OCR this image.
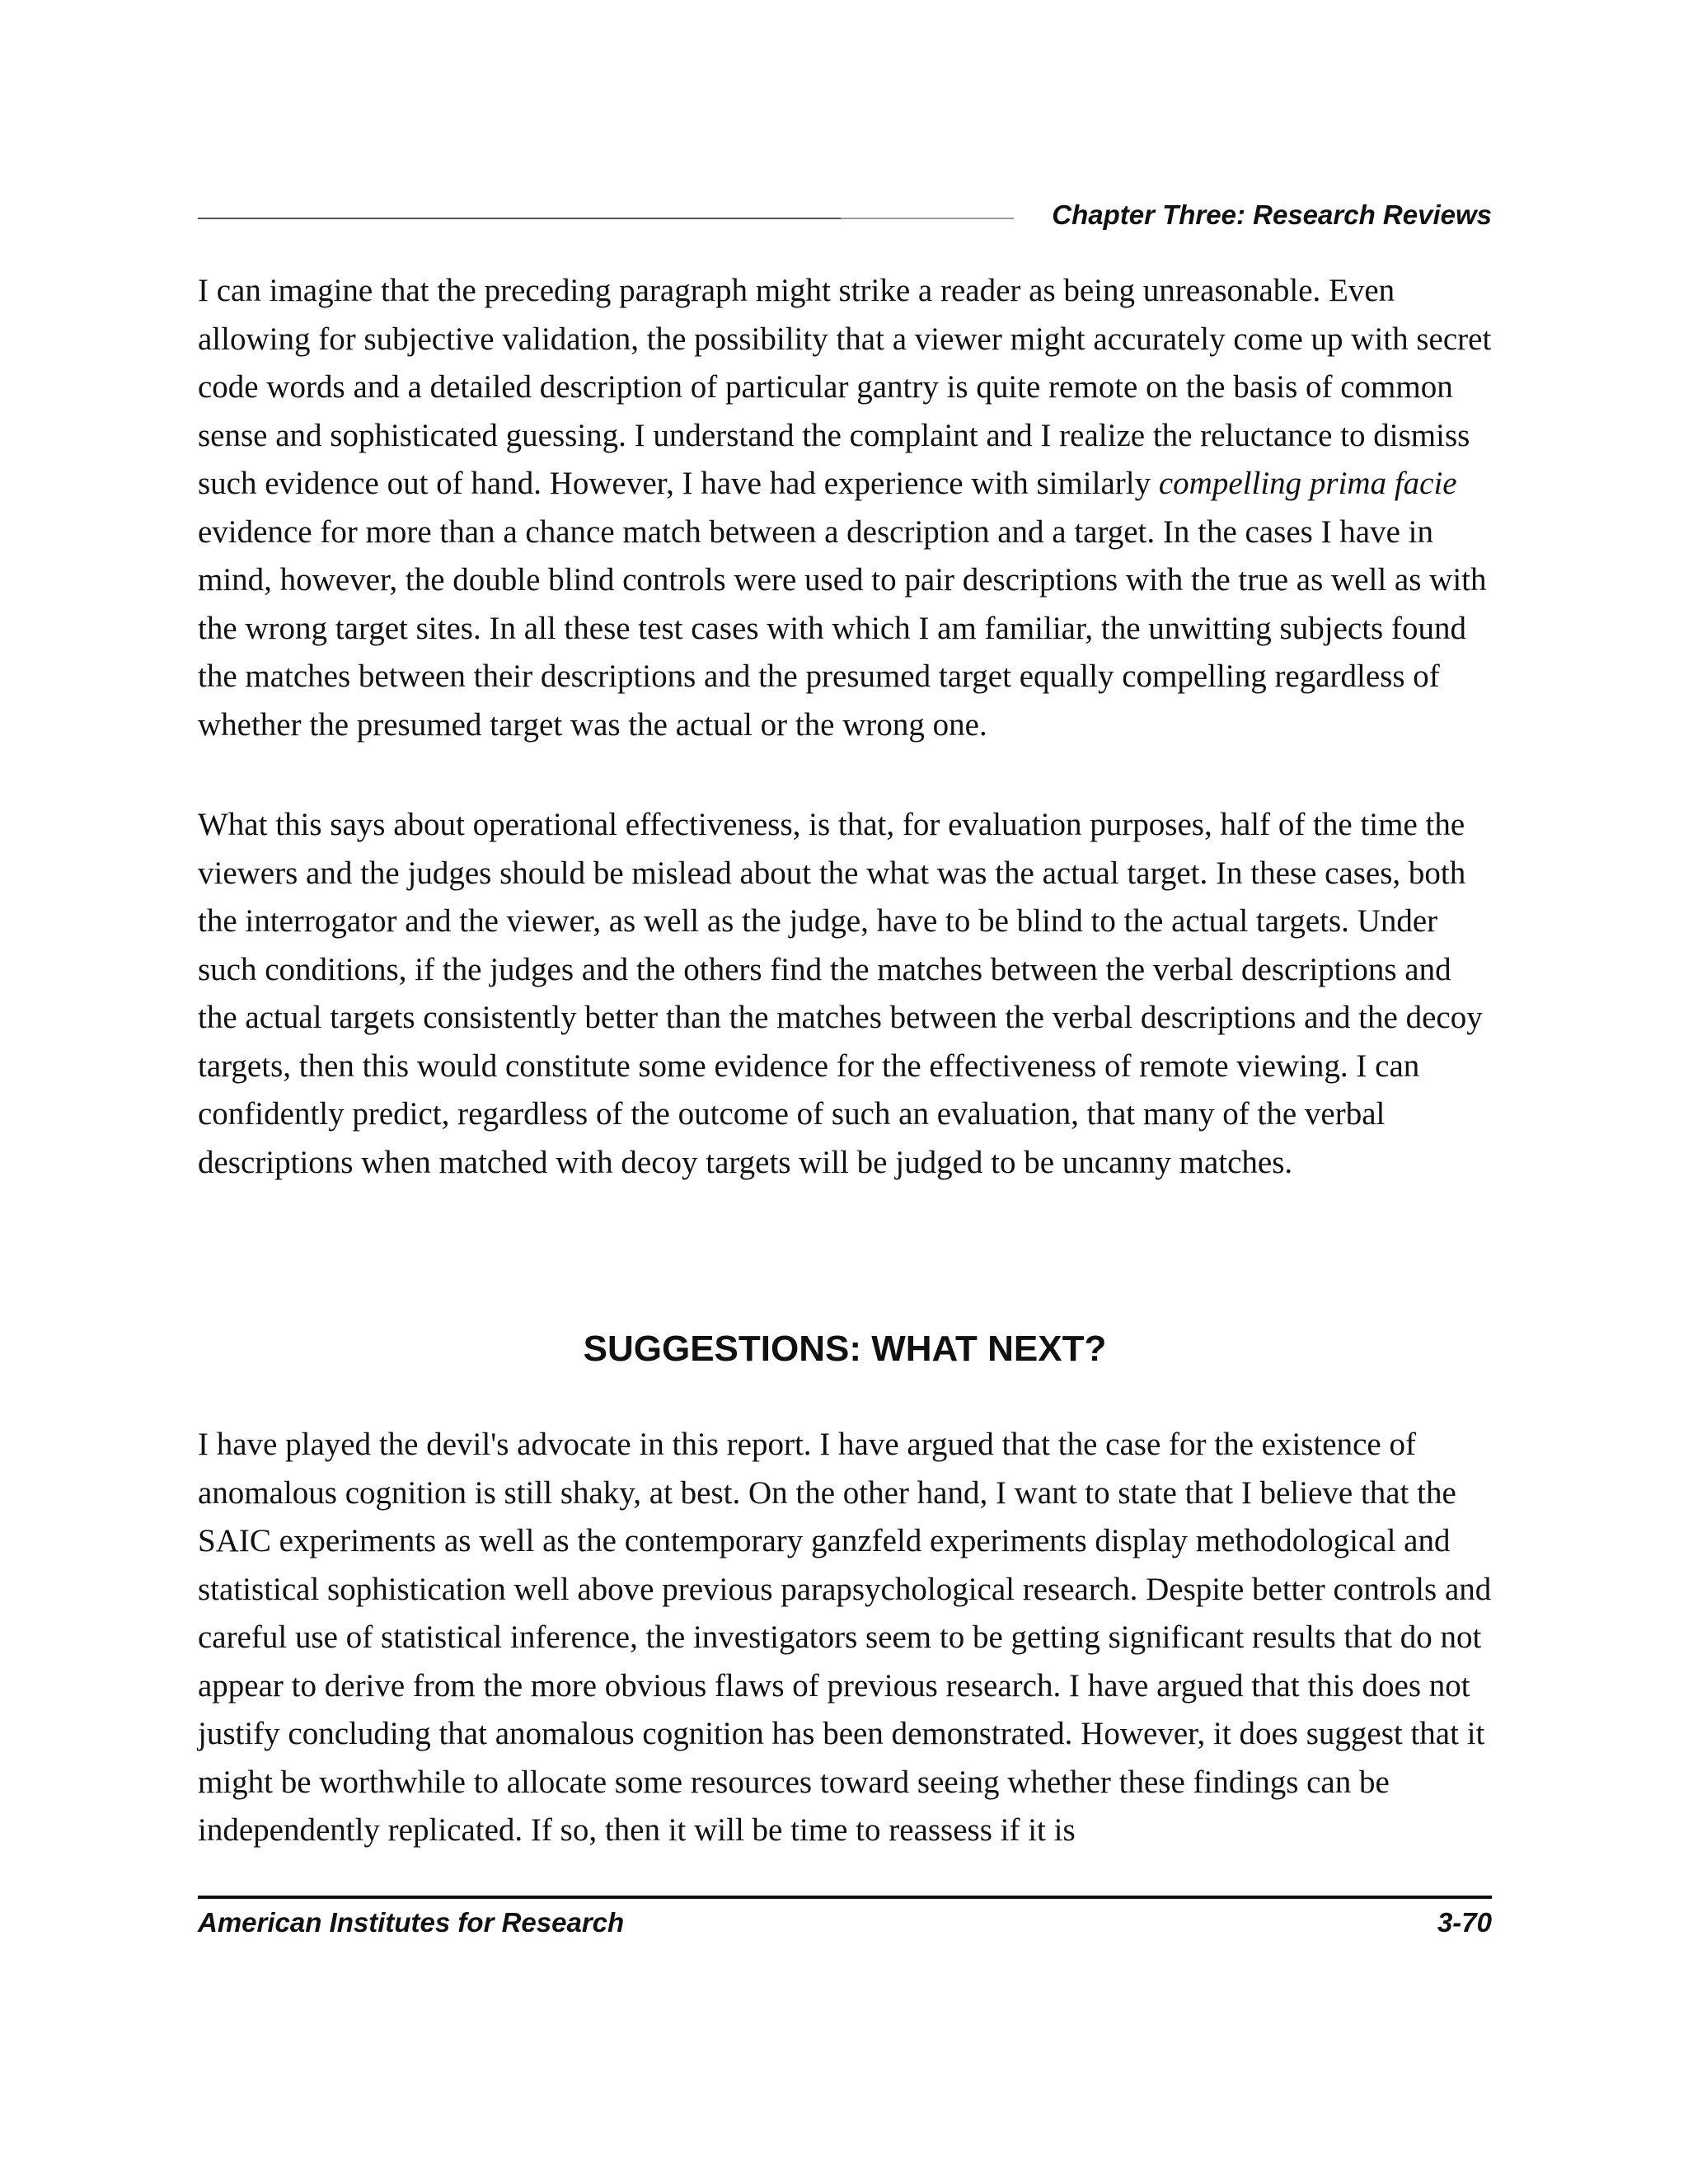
Chapter Three: Research Reviews

I can imagine that the preceding paragraph might strike a reader as being unreasonable. Even allowing for subjective validation, the possibility that a viewer might accurately come up with secret code words and a detailed description of particular gantry is quite remote on the basis of common sense and sophisticated guessing. I understand the complaint and I realize the reluctance to dismiss such evidence out of hand. However, I have had experience with similarly compelling prima facie evidence for more than a chance match between a description and a target. In the cases I have in mind, however, the double blind controls were used to pair descriptions with the true as well as with the wrong target sites. In all these test cases with which I am familiar, the unwitting subjects found the matches between their descriptions and the presumed target equally compelling regardless of whether the presumed target was the actual or the wrong one.

What this says about operational effectiveness, is that, for evaluation purposes, half of the time the viewers and the judges should be mislead about the what was the actual target. In these cases, both the interrogator and the viewer, as well as the judge, have to be blind to the actual targets. Under such conditions, if the judges and the others find the matches between the verbal descriptions and the actual targets consistently better than the matches between the verbal descriptions and the decoy targets, then this would constitute some evidence for the effectiveness of remote viewing. I can confidently predict, regardless of the outcome of such an evaluation, that many of the verbal descriptions when matched with decoy targets will be judged to be uncanny matches.

SUGGESTIONS: WHAT NEXT?

I have played the devil's advocate in this report. I have argued that the case for the existence of anomalous cognition is still shaky, at best. On the other hand, I want to state that I believe that the SAIC experiments as well as the contemporary ganzfeld experiments display methodological and statistical sophistication well above previous parapsychological research. Despite better controls and careful use of statistical inference, the investigators seem to be getting significant results that do not appear to derive from the more obvious flaws of previous research. I have argued that this does not justify concluding that anomalous cognition has been demonstrated. However, it does suggest that it might be worthwhile to allocate some resources toward seeing whether these findings can be independently replicated. If so, then it will be time to reassess if it is

American Institutes for Research	3-70
